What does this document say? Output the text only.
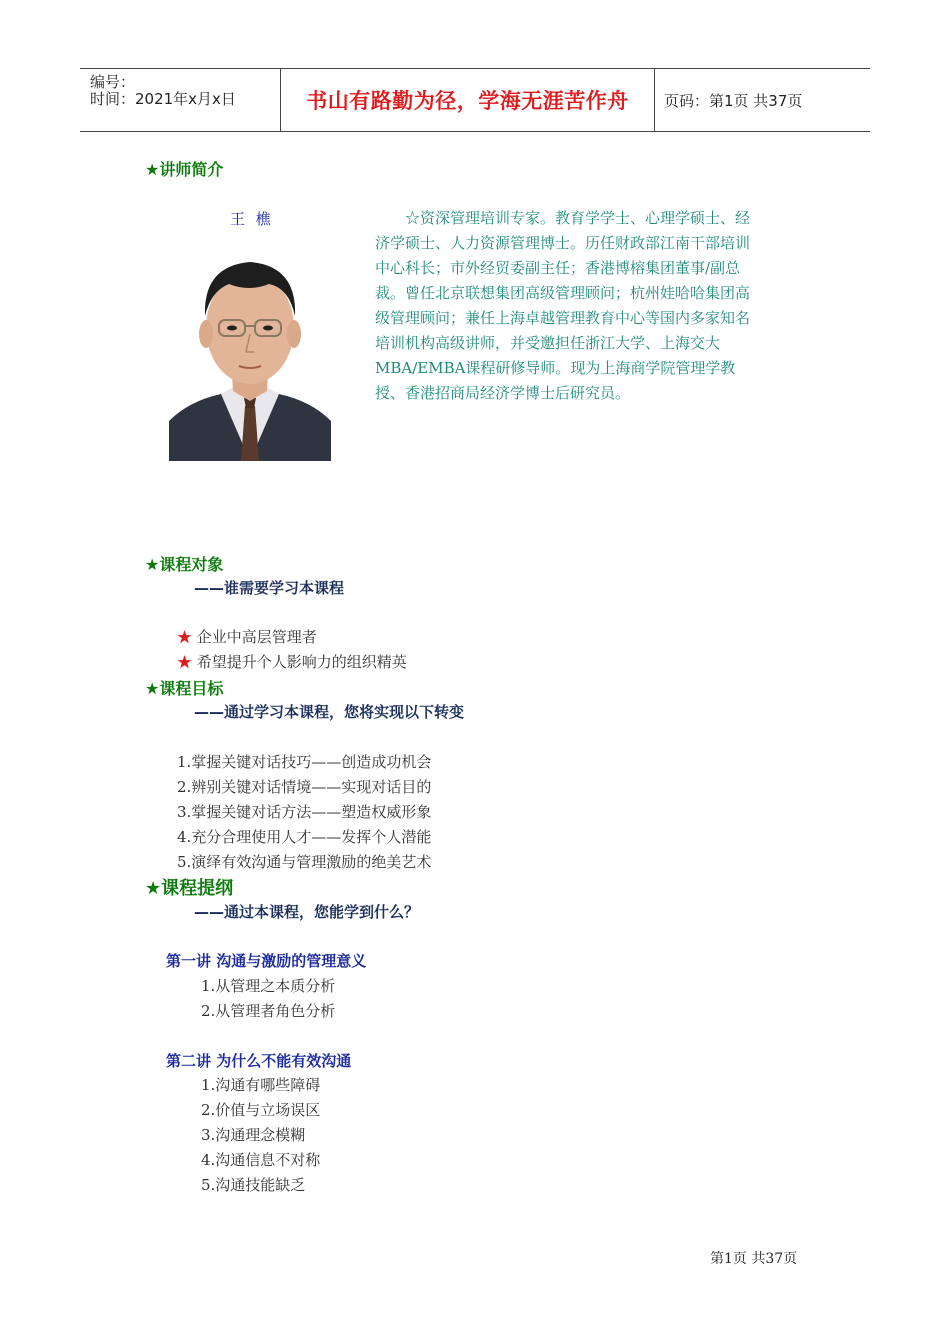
编号：
时间：2021年x月x日	书山有路勤为径，学海无涯苦作舟 页码：第1页 共37页
★讲师简介
王 樵	☆资深管理培训专家。教育学学士、心理学硕士、经济学硕士、人力资源管理博士。历任财政部江南干部培训中心科长；市外经贸委副主任；香港博榕集团董事/副总裁。曾任北京联想集团高级管理顾问；杭州娃哈哈集团高级管理顾问；兼任上海卓越管理教育中心等国内多家知名培训机构高级讲师，并受邀担任浙江大学、上海交大MBA/EMBA课程研修导师。现为上海商学院管理学教授、香港招商局经济学博士后研究员。
★课程对象
——谁需要学习本课程
★ 企业中高层管理者
★ 希望提升个人影响力的组织精英
★课程目标
——通过学习本课程，您将实现以下转变
1.掌握关键对话技巧——创造成功机会
2.辨别关键对话情境——实现对话目的
3.掌握关键对话方法——塑造权威形象
4.充分合理使用人才——发挥个人潜能
5.演绎有效沟通与管理激励的绝美艺术
★课程提纲
——通过本课程，您能学到什么？
第一讲 沟通与激励的管理意义
1.从管理之本质分析
2.从管理者角色分析
第二讲 为什么不能有效沟通
1.沟通有哪些障碍
2.价值与立场误区
3.沟通理念模糊
4.沟通信息不对称
5.沟通技能缺乏
第1页 共37页
